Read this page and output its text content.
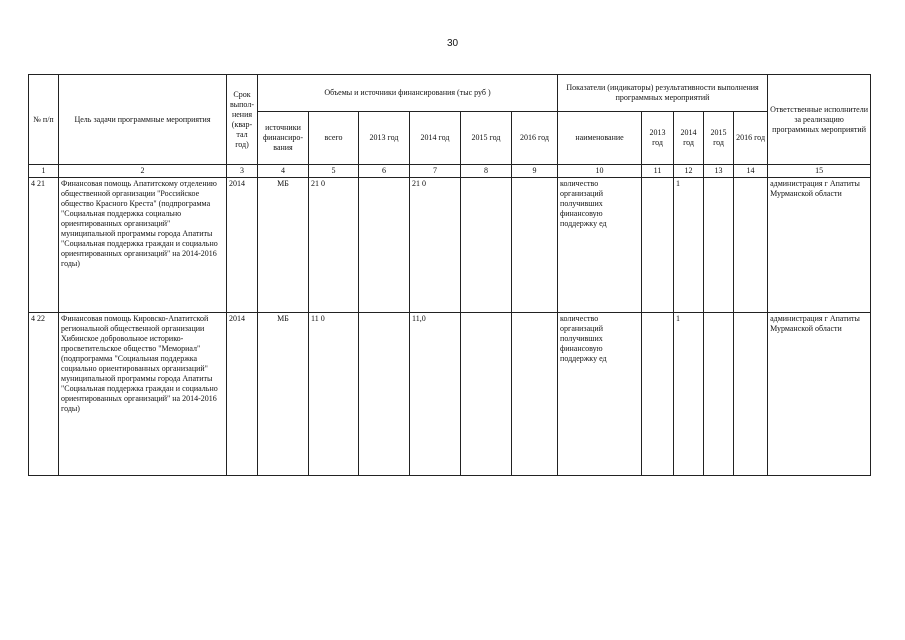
30
№ п/п	Цель задачи программные мероприятия	Срок выпол-нения (квар-тал год)	Объемы и источники финансирования (тыс руб )						Показатели (индикаторы) результативности выполнения программных мероприятий					Ответственные исполнители за реализацию программных мероприятий
			источники финансиро-вания	всего	2013 год	2014 год	2015 год	2016 год	наименование	2013 год	2014 год	2015 год	2016 год	
1	2	3	4	5	6	7	8	9	10	11	12	13	14	15
4 21	Финансовая помощь Апатитскому отделению общественной организации "Российское общество Красного Креста" (подпрограмма "Социальная поддержка социально ориентированных организаций" муниципальной программы города Апатиты "Социальная поддержка граждан и социально ориентированных организаций" на 2014-2016 годы)	2014	МБ	21 0		21 0			количество организаций получивших финансовую поддержку ед		1			администрация г Апатиты Мурманской области
4 22	Финансовая помощь Кировско-Апатитской региональной общественной организации Хибинское добровольное историко-просветительское общество "Мемориал" (подпрограмма "Социальная поддержка социально ориентированных организаций" муниципальной программы города Апатиты "Социальная поддержка граждан и социально ориентированных организаций" на 2014-2016 годы)	2014	МБ	11 0		11,0			количество организаций получивших финансовую поддержку ед		1			администрация г Апатиты Мурманской области
